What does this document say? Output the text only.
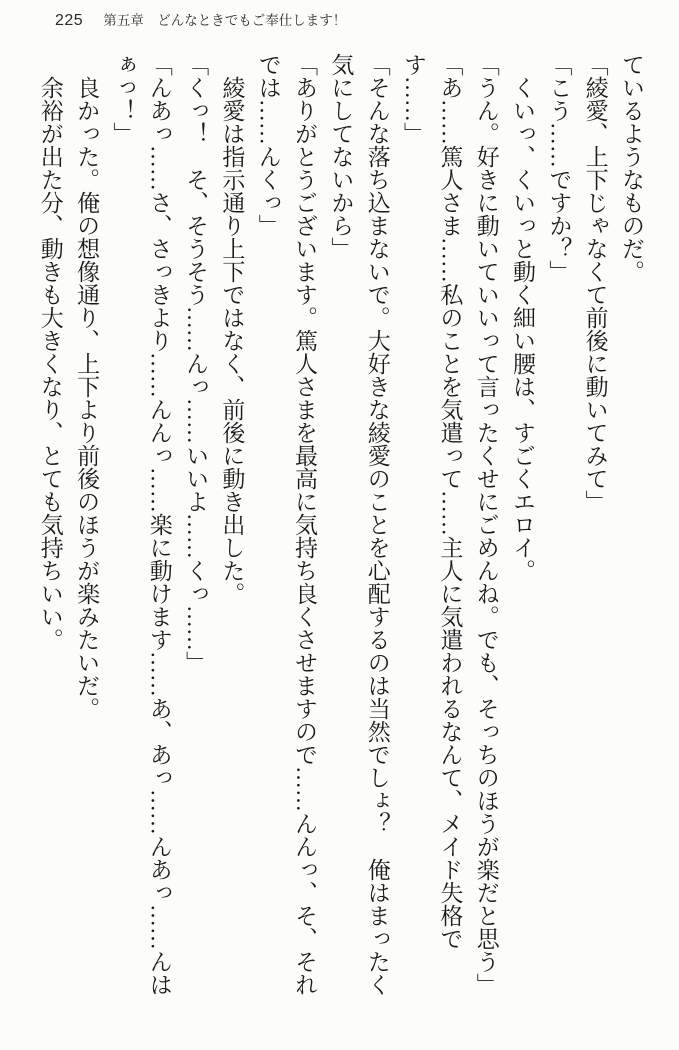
225 第五章　どんなときでもご奉仕します！

ているようなものだ。

「綾愛、上下じゃなくて前後に動いてみて」

「こう……ですか？」

くいっ、くいっと動く細い腰は、すごくエロイ。

「うん。好きに動いていいって言ったくせにごめんね。でも、そっちのほうが楽だと思う」

「あ……篤人さま……私のことを気遣って……主人に気遣われるなんて、メイド失格です……」

「そんな落ち込まないで。大好きな綾愛のことを心配するのは当然でしょ？　俺はまったく気にしてないから」

「ありがとうございます。篤人さまを最高に気持ち良くさせますので……んんっ、そ、それでは……んくっ」

綾愛は指示通り上下ではなく、前後に動き出した。

「くっ！　そ、そうそう……んっ……いいよ……くっ……」

「んあっ……さ、さっきより……んんっ……楽に動けます……あ、あっ……んあっ……んはぁっ！」

良かった。俺の想像通り、上下より前後のほうが楽みたいだ。

余裕が出た分、動きも大きくなり、とても気持ちいい。
